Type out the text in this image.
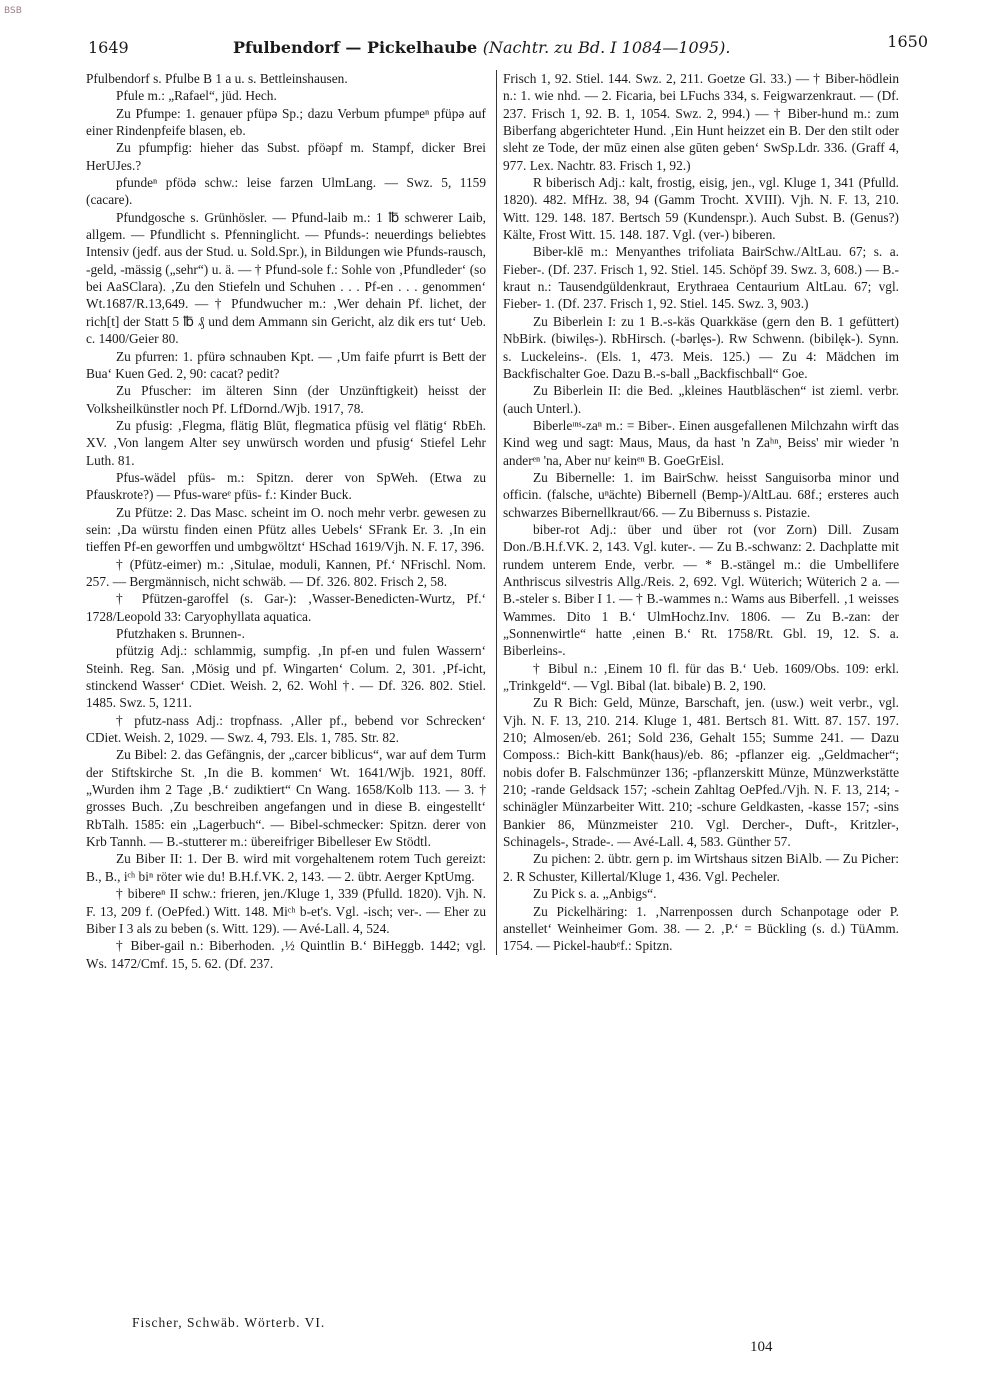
BSB
1649	Pfulbendorf — Pickelhaube (Nachtr. zu Bd. I 1084—1095).	1650

Pfulbendorf s. Pfulbe B 1 a u. s. Bettleinshausen.

Pfule m.: „Rafael“, jüd. Hech.

Zu Pfumpe: 1. genauer pfüpə Sp.; dazu Verbum pfumpeⁿ pfüpə auf einer Rindenpfeife blasen, eb.

Zu pfumpfig: hieher das Subst. pföəpf m. Stampf, dicker Brei HerUJes.?

pfundeⁿ pfödə schw.: leise farzen UlmLang. — Swz. 5, 1159 (cacare).

Pfundgosche s. Grünhösler. — Pfund-laib m.: 1 ℔ schwerer Laib, allgem. — Pfundlicht s. Pfenninglicht. — Pfunds-: neuerdings beliebtes Intensiv (jedf. aus der Stud. u. Sold.Spr.), in Bildungen wie Pfunds-rausch, -geld, -mässig („sehr“) u. ä. — † Pfund-sole f.: Sohle von ‚Pfundleder‘ (so bei AaSClara). ‚Zu den Stiefeln und Schuhen . . . Pf-en . . . genommen‘ Wt.1687/R.13,649. — † Pfundwucher m.: ‚Wer dehain Pf. lichet, der rich[t] der Statt 5 ℔ ₰ und dem Ammann sin Gericht, alz dik ers tut‘ Ueb. c. 1400/Geier 80.

Zu pfurren: 1. pfürə schnauben Kpt. — ‚Um faife pfurrt is Bett der Bua‘ Kuen Ged. 2, 90: cacat? pedit?

Zu Pfuscher: im älteren Sinn (der Unzünftigkeit) heisst der Volksheilkünstler noch Pf. LfDornd./Wjb. 1917, 78.

Zu pfusig: ‚Flegma, flätig Blūt, flegmatica pfüsig vel flätig‘ RbEh. XV. ‚Von langem Alter sey unwürsch worden und pfusig‘ Stiefel Lehr Luth. 81.

Pfus-wädel pfüs- m.: Spitzn. derer von SpWeh. (Etwa zu Pfauskrote?) — Pfus-wareᵉ pfüs- f.: Kinder Buck.

Zu Pfütze: 2. Das Masc. scheint im O. noch mehr verbr. gewesen zu sein: ‚Da würstu finden einen Pfütz alles Uebels‘ SFrank Er. 3. ‚In ein tieffen Pf-en geworffen und umbgwöltzt‘ HSchad 1619/Vjh. N. F. 17, 396.

† (Pfütz-eimer) m.: ‚Situlae, moduli, Kannen, Pf.‘ NFrischl. Nom. 257. — Bergmännisch, nicht schwäb. — Df. 326. 802. Frisch 2, 58.

† Pfützen-garoffel (s. Gar-): ‚Wasser-Benedicten-Wurtz, Pf.‘ 1728/Leopold 33: Caryophyllata aquatica.

Pfutzhaken s. Brunnen-.

pfützig Adj.: schlammig, sumpfig. ‚In pf-en und fulen Wassern‘ Steinh. Reg. San. ‚Mösig und pf. Wingarten‘ Colum. 2, 301. ‚Pf-icht, stinckend Wasser‘ CDiet. Weish. 2, 62. Wohl †. — Df. 326. 802. Stiel. 1485. Swz. 5, 1211.

† pfutz-nass Adj.: tropfnass. ‚Aller pf., bebend vor Schrecken‘ CDiet. Weish. 2, 1029. — Swz. 4, 793. Els. 1, 785. Str. 82.

Zu Bibel: 2. das Gefängnis, der „carcer biblicus“, war auf dem Turm der Stiftskirche St. ‚In die B. kommen‘ Wt. 1641/Wjb. 1921, 80ff. „Wurden ihm 2 Tage ‚B.‘ zudiktiert“ Cn Wang. 1658/Kolb 113. — 3. † grosses Buch. ‚Zu beschreiben angefangen und in diese B. eingestellt‘ RbTalh. 1585: ein „Lagerbuch“. — Bibel-schmecker: Spitzn. derer von Krb Tannh. — B.-stutterer m.: übereifriger Bibelleser Ew Stödtl.

Zu Biber II: 1. Der B. wird mit vorgehaltenem rotem Tuch gereizt: B., B., iᶜʰ biⁿ röter wie du! B.H.f.VK. 2, 143. — 2. übtr. Aerger KptUmg.

† bibereⁿ II schw.: frieren, jen./Kluge 1, 339 (Pfulld. 1820). Vjh. N. F. 13, 209 f. (OePfed.) Witt. 148. Miᶜʰ b-et's. Vgl. -isch; ver-. — Eher zu Biber I 3 als zu beben (s. Witt. 129). — Avé-Lall. 4, 524.

† Biber-gail n.: Biberhoden. ‚½ Quintlin B.‘ BiHeggb. 1442; vgl. Ws. 1472/Cmf. 15, 5. 62. (Df. 237.

Frisch 1, 92. Stiel. 144. Swz. 2, 211. Goetze Gl. 33.) — † Biber-hödlein n.: 1. wie nhd. — 2. Ficaria, bei LFuchs 334, s. Feigwarzenkraut. — (Df. 237. Frisch 1, 92. B. 1, 1054. Swz. 2, 994.) — † Biber-hund m.: zum Biberfang abgerichteter Hund. ‚Ein Hunt heizzet ein B. Der den stilt oder sleht ze Tode, der mūz einen alse gūten geben‘ SwSp.Ldr. 336. (Graff 4, 977. Lex. Nachtr. 83. Frisch 1, 92.)

R biberisch Adj.: kalt, frostig, eisig, jen., vgl. Kluge 1, 341 (Pfulld. 1820). 482. MfHz. 38, 94 (Gamm Trocht. XVIII). Vjh. N. F. 13, 210. Witt. 129. 148. 187. Bertsch 59 (Kundenspr.). Auch Subst. B. (Genus?) Kälte, Frost Witt. 15. 148. 187. Vgl. (ver-) biberen.

Biber-klē m.: Menyanthes trifoliata BairSchw./AltLau. 67; s. a. Fieber-. (Df. 237. Frisch 1, 92. Stiel. 145. Schöpf 39. Swz. 3, 608.) — B.-kraut n.: Tausendgüldenkraut, Erythraea Centaurium AltLau. 67; vgl. Fieber- 1. (Df. 237. Frisch 1, 92. Stiel. 145. Swz. 3, 903.)

Zu Biberlein I: zu 1 B.-s-käs Quarkkäse (gern den B. 1 gefüttert) NbBirk. (biwilęs-). RbHirsch. (-bərlęs-). Rw Schwenn. (bibilęk-). Synn. s. Luckeleins-. (Els. 1, 473. Meis. 125.) — Zu 4: Mädchen im Backfischalter Goe. Dazu B.-s-ball „Backfischball“ Goe.

Zu Biberlein II: die Bed. „kleines Hautbläschen“ ist zieml. verbr. (auch Unterl.).

Biberleᶦⁿˢ-zaⁿ m.: = Biber-. Einen ausgefallenen Milchzahn wirft das Kind weg und sagt: Maus, Maus, da hast 'n Zaʰⁿ, Beiss' mir wieder 'n anderᵉⁿ 'na, Aber nuʳ keinᵉⁿ B. GoeGrEisl.

Zu Bibernelle: 1. im BairSchw. heisst Sanguisorba minor und officin. (falsche, uⁿächte) Bibernell (Bemp-)/AltLau. 68f.; ersteres auch schwarzes Bibernellkraut/66. — Zu Bibernuss s. Pistazie.

biber-rot Adj.: über und über rot (vor Zorn) Dill. Zusam Don./B.H.f.VK. 2, 143. Vgl. kuter-. — Zu B.-schwanz: 2. Dachplatte mit rundem unterem Ende, verbr. — * B.-stängel m.: die Umbellifere Anthriscus silvestris Allg./Reis. 2, 692. Vgl. Wüterich; Wüterich 2 a. — B.-steler s. Biber I 1. — † B.-wammes n.: Wams aus Biberfell. ‚1 weisses Wammes. Dito 1 B.‘ UlmHochz.Inv. 1806. — Zu B.-zan: der „Sonnenwirtle“ hatte ‚einen B.‘ Rt. 1758/Rt. Gbl. 19, 12. S. a. Biberleins-.

† Bibul n.: ‚Einem 10 fl. für das B.‘ Ueb. 1609/Obs. 109: erkl. „Trinkgeld“. — Vgl. Bibal (lat. bibale) B. 2, 190.

Zu R Bich: Geld, Münze, Barschaft, jen. (usw.) weit verbr., vgl. Vjh. N. F. 13, 210. 214. Kluge 1, 481. Bertsch 81. Witt. 87. 157. 197. 210; Almosen/eb. 261; Sold 236, Gehalt 155; Summe 241. — Dazu Composs.: Bich-kitt Bank(haus)/eb. 86; -pflanzer eig. „Geldmacher“; nobis dofer B. Falschmünzer 136; -pflanzerskitt Münze, Münzwerkstätte 210; -rande Geldsack 157; -schein Zahltag OePfed./Vjh. N. F. 13, 214; -schinägler Münzarbeiter Witt. 210; -schure Geldkasten, -kasse 157; -sins Bankier 86, Münzmeister 210. Vgl. Dercher-, Duft-, Kritzler-, Schinagels-, Strade-. — Avé-Lall. 4, 583. Günther 57.

Zu pichen: 2. übtr. gern p. im Wirtshaus sitzen BiAlb. — Zu Picher: 2. R Schuster, Killertal/Kluge 1, 436. Vgl. Pecheler.

Zu Pick s. a. „Anbigs“.

Zu Pickelhäring: 1. ‚Narrenpossen durch Schanpotage oder P. anstellet‘ Weinheimer Gom. 38. — 2. ‚P.‘ = Bückling (s. d.) TüAmm. 1754. — Pickel-haubᵉf.: Spitzn.

Fischer, Schwäb. Wörterb. VI.
104
